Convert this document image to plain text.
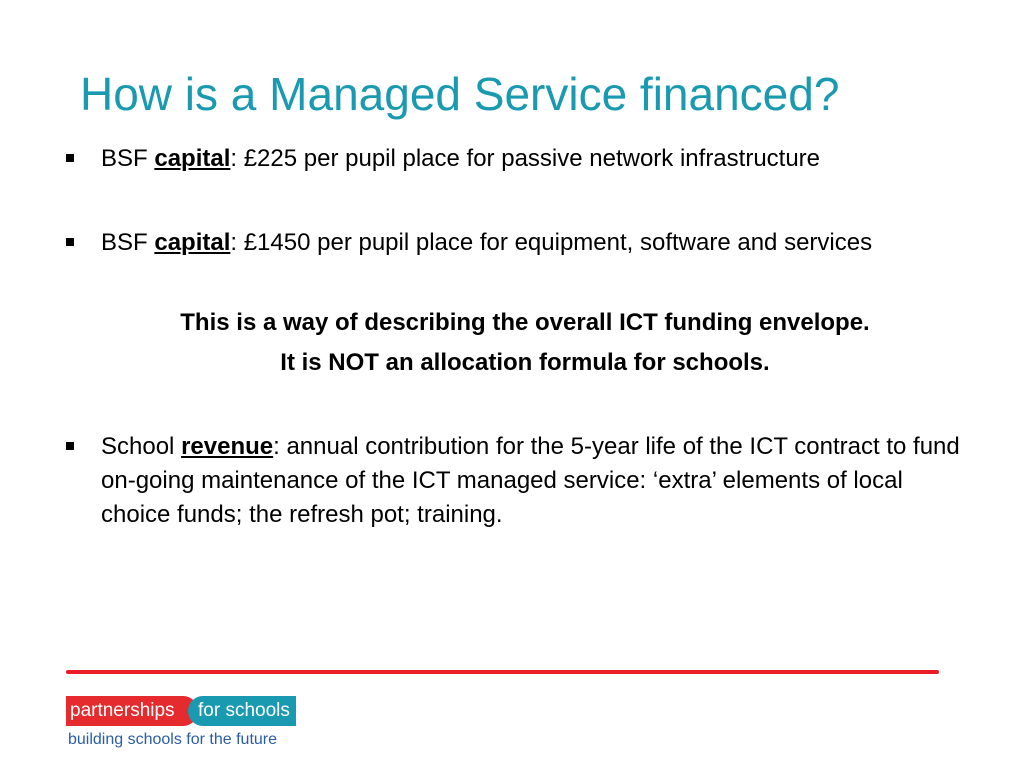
How is a Managed Service financed?
BSF capital: £225 per pupil place for passive network infrastructure
BSF capital: £1450 per pupil place for equipment, software and services

This is a way of describing the overall ICT funding envelope.

It is NOT an allocation formula for schools.

School revenue: annual contribution for the 5-year life of the ICT contract to fund on-going maintenance of the ICT managed service: ‘extra’ elements of local choice funds; the refresh pot; training.
partnerships	for schools
building schools for the future
